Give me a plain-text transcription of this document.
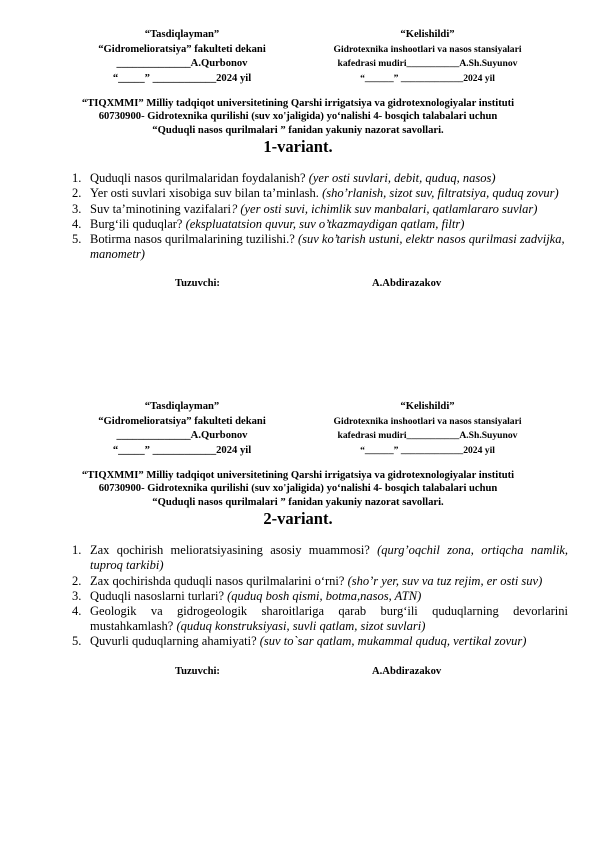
“Tasdiqlayman”
“Gidromelioratsiya” fakulteti dekani
______________A.Qurbonov
“_____” ____________2024 yil
“Kelishildi”
Gidrotexnika inshootlari va nasos stansiyalari
kafedrasi mudiri___________A.Sh.Suyunov
“______” _____________2024 yil
“TIQXMMI” Milliy tadqiqot universitetining Qarshi irrigatsiya va gidrotexnologiyalar instituti
60730900- Gidrotexnika qurilishi (suv xo'jaligida) yo‘nalishi 4- bosqich talabalari uchun
“Quduqli nasos qurilmalari ” fanidan yakuniy nazorat savollari.
1-variant.
1. Quduqli nasos qurilmalaridan foydalanish? (yer osti suvlari, debit, quduq, nasos)
2. Yer osti suvlari xisobiga suv bilan ta’minlash. (sho’rlanish, sizot suv, filtratsiya, quduq zovur)
3. Suv ta’minotining vazifalari? (yer osti suvi, ichimlik suv manbalari, qatlamlararo suvlar)
4. Burg‘ili quduqlar? (ekspluatatsion quvur, suv o’tkazmaydigan qatlam, filtr)
5. Botirma nasos qurilmalarining tuzilishi.? (suv ko’tarish ustuni, elektr nasos qurilmasi zadvijka, manometr)
Tuzuvchi:	A.Abdirazakov
“Tasdiqlayman”
“Gidromelioratsiya” fakulteti dekani
______________A.Qurbonov
“_____” ____________2024 yil
“Kelishildi”
Gidrotexnika inshootlari va nasos stansiyalari
kafedrasi mudiri___________A.Sh.Suyunov
“______” _____________2024 yil
“TIQXMMI” Milliy tadqiqot universitetining Qarshi irrigatsiya va gidrotexnologiyalar instituti
60730900- Gidrotexnika qurilishi (suv xo'jaligida) yo‘nalishi 4- bosqich talabalari uchun
“Quduqli nasos qurilmalari ” fanidan yakuniy nazorat savollari.
2-variant.
1. Zax qochirish melioratsiyasining asosiy muammosi? (qurg’oqchil zona, ortiqcha namlik, tuproq tarkibi)
2. Zax qochirishda quduqli nasos qurilmalarini o‘rni? (sho’r yer, suv va tuz rejim, er osti suv)
3. Quduqli nasoslarni turlari? (quduq bosh qismi, botma,nasos, ATN)
4. Geologik va gidrogeologik sharoitlariga qarab burg‘ili quduqlarning devorlarini mustahkamlash? (quduq konstruksiyasi, suvli qatlam, sizot suvlari)
5. Quvurli quduqlarning ahamiyati? (suv to`sar qatlam, mukammal quduq, vertikal zovur)
Tuzuvchi:	A.Abdirazakov
